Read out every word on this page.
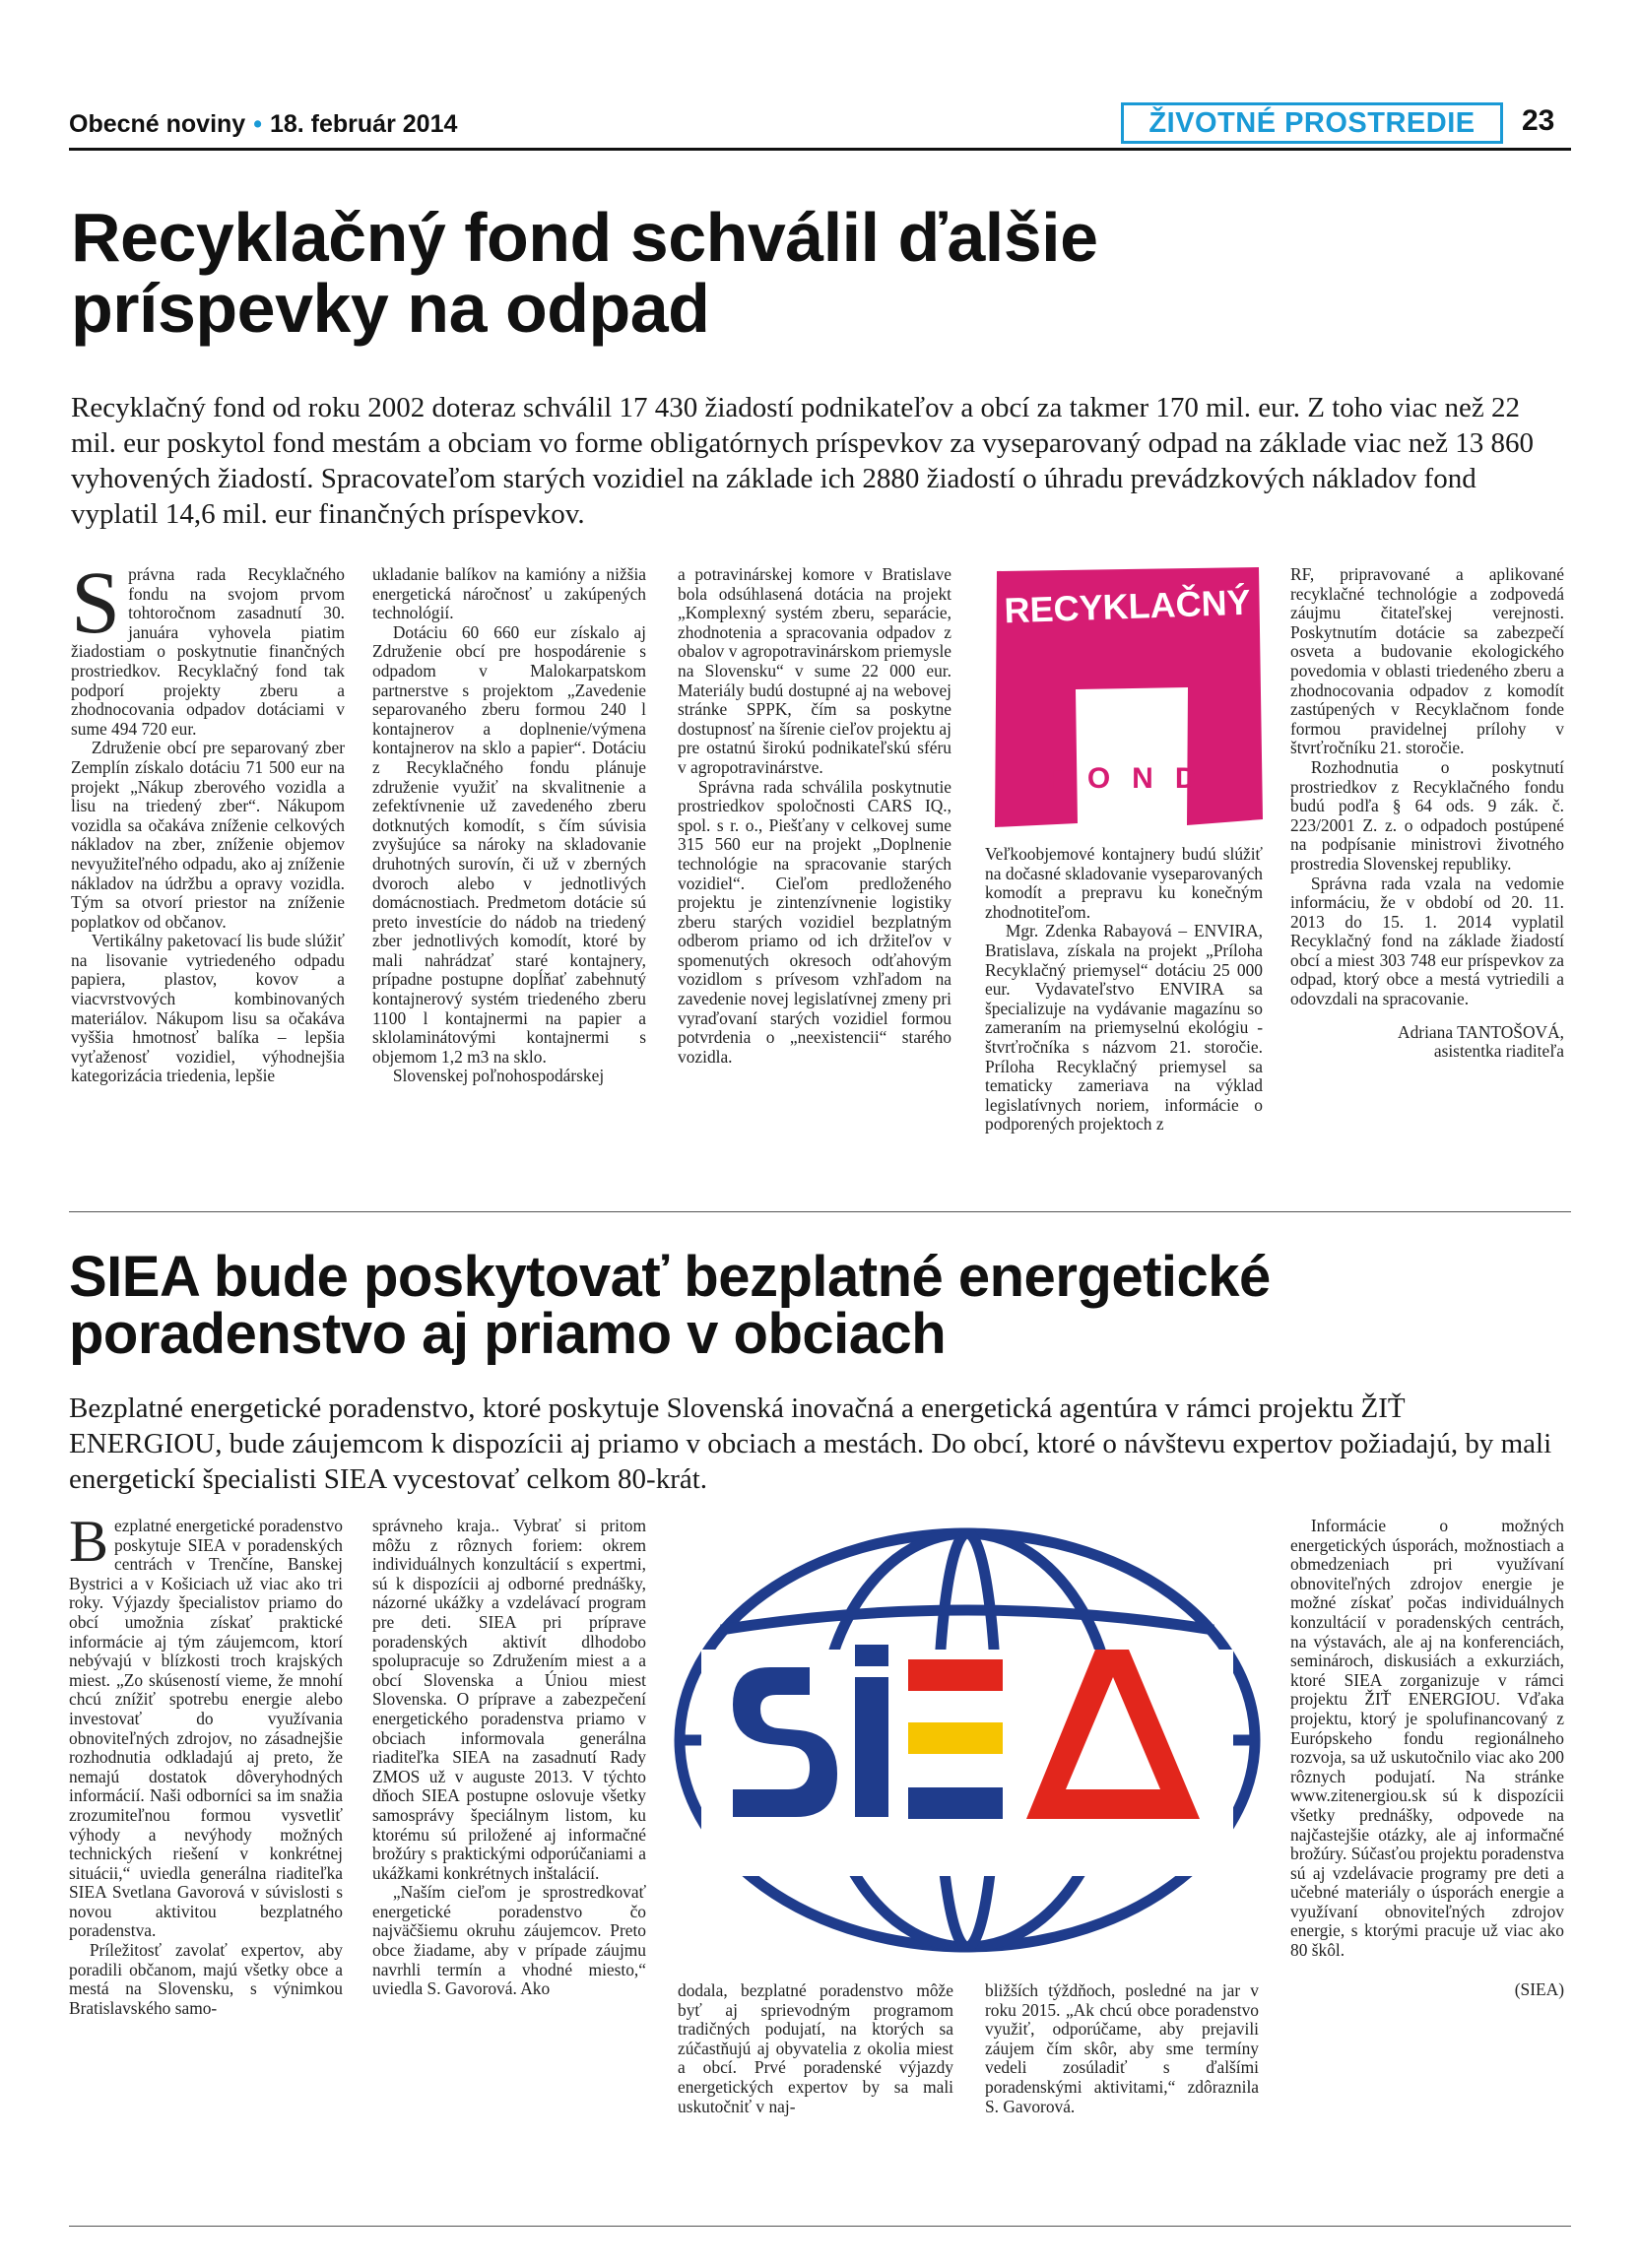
Obecné noviny • 18. február 2014	ŽIVOTNÉ PROSTREDIE	23
Recyklačný fond schválil ďalšie
príspevky na odpad
Recyklačný fond od roku 2002 doteraz schválil 17 430 žiadostí podnikateľov a obcí za takmer 170 mil. eur. Z toho viac než 22 mil. eur poskytol fond mestám a obciam vo forme obligatórnych príspevkov za vyseparovaný odpad na základe viac než 13 860 vyhovených žiadostí. Spracovateľom starých vozidiel na základe ich 2880 žiadostí o úhradu prevádzkových nákladov fond vyplatil 14,6 mil. eur finančných príspevkov.

Správna rada Recyklačného fondu na svojom prvom tohtoročnom zasadnutí 30. januára vyhovela piatim žiadostiam o poskytnutie finančných prostriedkov. Recyklačný fond tak podporí projekty zberu a zhodnocovania odpadov dotáciami v sume 494 720 eur.

Združenie obcí pre separovaný zber Zemplín získalo dotáciu 71 500 eur na projekt „Nákup zberového vozidla a lisu na triedený zber“. Nákupom vozidla sa očakáva zníženie celkových nákladov na zber, zníženie objemov nevyužiteľného odpadu, ako aj zníženie nákladov na údržbu a opravy vozidla. Tým sa otvorí priestor na zníženie poplatkov od občanov.

Vertikálny paketovací lis bude slúžiť na lisovanie vytriedeného odpadu papiera, plastov, kovov a viacvrstvových kombinovaných materiálov. Nákupom lisu sa očakáva vyššia hmotnosť balíka – lepšia vyťaženosť vozidiel, výhodnejšia kategorizácia triedenia, lepšie

ukladanie balíkov na kamióny a nižšia energetická náročnosť u zakúpených technológií.

Dotáciu 60 660 eur získalo aj Združenie obcí pre hospodárenie s odpadom v Malokarpatskom partnerstve s projektom „Zavedenie separovaného zberu formou 240 l kontajnerov a doplnenie/výmena kontajnerov na sklo a papier“. Dotáciu z Recyklačného fondu plánuje združenie využiť na skvalitnenie a zefektívnenie už zavedeného zberu dotknutých komodít, s čím súvisia zvyšujúce sa nároky na skladovanie druhotných surovín, či už v zberných dvoroch alebo v jednotlivých domácnostiach. Predmetom dotácie sú preto investície do nádob na triedený zber jednotlivých komodít, ktoré by mali nahrádzať staré kontajnery, prípadne postupne dopĺňať zabehnutý kontajnerový systém triedeného zberu 1100 l kontajnermi na papier a sklolaminátovými kontajnermi s objemom 1,2 m3 na sklo.

Slovenskej poľnohospodárskej

a potravinárskej komore v Bratislave bola odsúhlasená dotácia na projekt „Komplexný systém zberu, separácie, zhodnotenia a spracovania odpadov z obalov v agropotravinárskom priemysle na Slovensku“ v sume 22 000 eur. Materiály budú dostupné aj na webovej stránke SPPK, čím sa poskytne dostupnosť na šírenie cieľov projektu aj pre ostatnú širokú podnikateľskú sféru v agropotravinárstve.

Správna rada schválila poskytnutie prostriedkov spoločnosti CARS IQ., spol. s r. o., Piešťany v celkovej sume 315 560 eur na projekt „Doplnenie technológie na spracovanie starých vozidiel“. Cieľom predloženého projektu je zintenzívnenie logistiky zberu starých vozidiel bezplatným odberom priamo od ich držiteľov v spomenutých okresoch odťahovým vozidlom s prívesom vzhľadom na zavedenie novej legislatívnej zmeny pri vyraďovaní starých vozidiel formou potvrdenia o „neexistencii“ starého vozidla.

RECYKLAČNÝ
FOND

Veľkoobjemové kontajnery budú slúžiť na dočasné skladovanie vyseparovaných komodít a prepravu ku konečným zhodnotiteľom.

Mgr. Zdenka Rabayová – ENVIRA, Bratislava, získala na projekt „Príloha Recyklačný priemysel“ dotáciu 25 000 eur. Vydavateľstvo ENVIRA sa špecializuje na vydávanie magazínu so zameraním na priemyselnú ekológiu - štvrťročníka s názvom 21. storočie. Príloha Recyklačný priemysel sa tematicky zameriava na výklad legislatívnych noriem, informácie o podporených projektoch z

RF, pripravované a aplikované recyklačné technológie a zodpovedá záujmu čitateľskej verejnosti. Poskytnutím dotácie sa zabezpečí osveta a budovanie ekologického povedomia v oblasti triedeného zberu a zhodnocovania odpadov z komodít zastúpených v Recyklačnom fonde formou pravidelnej prílohy v štvrťročníku 21. storočie.

Rozhodnutia o poskytnutí prostriedkov z Recyklačného fondu budú podľa § 64 ods. 9 zák. č. 223/2001 Z. z. o odpadoch postúpené na podpísanie ministrovi životného prostredia Slovenskej republiky.

Správna rada vzala na vedomie informáciu, že v období od 20. 11. 2013 do 15. 1. 2014 vyplatil Recyklačný fond na základe žiadostí obcí a miest 303 748 eur príspevkov za odpad, ktorý obce a mestá vytriedili a odovzdali na spracovanie.

Adriana TANTOŠOVÁ,

asistentka riaditeľa

SIEA bude poskytovať bezplatné energetické
poradenstvo aj priamo v obciach
Bezplatné energetické poradenstvo, ktoré poskytuje Slovenská inovačná a energetická agentúra v rámci projektu ŽIŤ ENERGIOU, bude záujemcom k dispozícii aj priamo v obciach a mestách. Do obcí, ktoré o návštevu expertov požiadajú, by mali energetickí špecialisti SIEA vycestovať celkom 80-krát.

Bezplatné energetické poradenstvo poskytuje SIEA v poradenských centrách v Trenčíne, Banskej Bystrici a v Košiciach už viac ako tri roky. Výjazdy špecialistov priamo do obcí umožnia získať praktické informácie aj tým záujemcom, ktorí nebývajú v blízkosti troch krajských miest. „Zo skúseností vieme, že mnohí chcú znížiť spotrebu energie alebo investovať do využívania obnoviteľných zdrojov, no zásadnejšie rozhodnutia odkladajú aj preto, že nemajú dostatok dôveryhodných informácií. Naši odborníci sa im snažia zrozumiteľnou formou vysvetliť výhody a nevýhody možných technických riešení v konkrétnej situácii,“ uviedla generálna riaditeľka SIEA Svetlana Gavorová v súvislosti s novou aktivitou bezplatného poradenstva.

Príležitosť zavolať expertov, aby poradili občanom, majú všetky obce a mestá na Slovensku, s výnimkou Bratislavského samo-

správneho kraja.. Vybrať si pritom môžu z rôznych foriem: okrem individuálnych konzultácií s expertmi, sú k dispozícii aj odborné prednášky, názorné ukážky a vzdelávací program pre deti. SIEA pri príprave poradenských aktivít dlhodobo spolupracuje so Združením miest a a obcí Slovenska a Úniou miest Slovenska. O príprave a zabezpečení energetického poradenstva priamo v obciach informovala generálna riaditeľka SIEA na zasadnutí Rady ZMOS už v auguste 2013. V týchto dňoch SIEA postupne oslovuje všetky samosprávy špeciálnym listom, ku ktorému sú priložené aj informačné brožúry s praktickými odporúčaniami a ukážkami konkrétnych inštalácií.

„Naším cieľom je sprostredkovať energetické poradenstvo čo najväčšiemu okruhu záujemcov. Preto obce žiadame, aby v prípade záujmu navrhli termín a vhodné miesto,“ uviedla S. Gavorová. Ako

SIEA

dodala, bezplatné poradenstvo môže byť aj sprievodným programom tradičných podujatí, na ktorých sa zúčastňujú aj obyvatelia z okolia miest a obcí. Prvé poradenské výjazdy energetických expertov by sa mali uskutočniť v naj-

bližších týždňoch, posledné na jar v roku 2015. „Ak chcú obce poradenstvo využiť, odporúčame, aby prejavili záujem čím skôr, aby sme termíny vedeli zosúladiť s ďalšími poradenskými aktivitami,“ zdôraznila S. Gavorová.

Informácie o možných energetických úsporách, možnostiach a obmedzeniach pri využívaní obnoviteľných zdrojov energie je možné získať počas individuálnych konzultácií v poradenských centrách, na výstavách, ale aj na konferenciách, seminároch, diskusiách a exkurziách, ktoré SIEA zorganizuje v rámci projektu ŽIŤ ENERGIOU. Vďaka projektu, ktorý je spolufinancovaný z Európskeho fondu regionálneho rozvoja, sa už uskutočnilo viac ako 200 rôznych podujatí. Na stránke www.zitenergiou.sk sú k dispozícii všetky prednášky, odpovede na najčastejšie otázky, ale aj informačné brožúry. Súčasťou projektu poradenstva sú aj vzdelávacie programy pre deti a učebné materiály o úsporách energie a využívaní obnoviteľných zdrojov energie, s ktorými pracuje už viac ako 80 škôl.

(SIEA)
